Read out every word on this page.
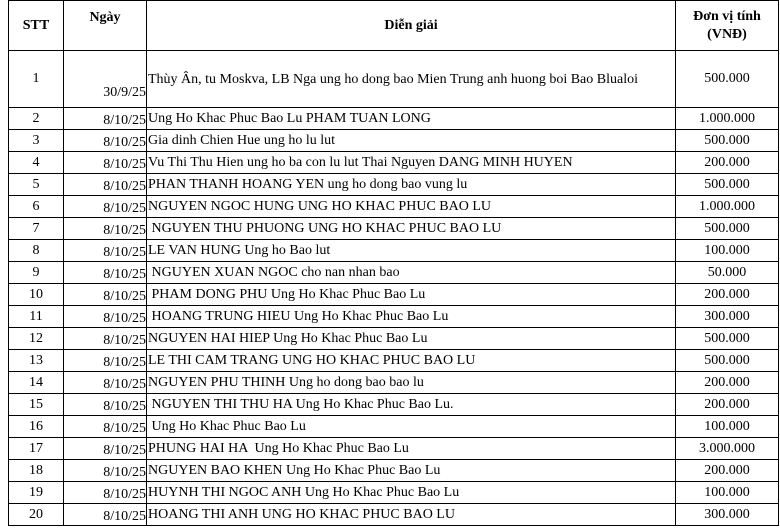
STT	Ngày	Diễn giải	Đơn vị tính
(VNĐ)

1	30/9/25	Thùy Ân, tu Moskva, LB Nga ung ho dong bao Mien Trung anh huong boi Bao Blualoi	500.000
2	8/10/25	Ung Ho Khac Phuc Bao Lu PHAM TUAN LONG	1.000.000
3	8/10/25	Gia dinh Chien Hue ung ho lu lut	500.000
4	8/10/25	Vu Thi Thu Hien ung ho ba con lu lut Thai Nguyen DANG MINH HUYEN	200.000
5	8/10/25	PHAN THANH HOANG YEN ung ho dong bao vung lu	500.000
6	8/10/25	NGUYEN NGOC HUNG UNG HO KHAC PHUC BAO LU	1.000.000
7	8/10/25	NGUYEN THU PHUONG UNG HO KHAC PHUC BAO LU	500.000
8	8/10/25	LE VAN HUNG Ung ho Bao lut	100.000
9	8/10/25	NGUYEN XUAN NGOC cho nan nhan bao	50.000
10	8/10/25	PHAM DONG PHU Ung Ho Khac Phuc Bao Lu	200.000
11	8/10/25	HOANG TRUNG HIEU Ung Ho Khac Phuc Bao Lu	300.000
12	8/10/25	NGUYEN HAI HIEP Ung Ho Khac Phuc Bao Lu	500.000
13	8/10/25	LE THI CAM TRANG UNG HO KHAC PHUC BAO LU	500.000
14	8/10/25	NGUYEN PHU THINH Ung ho dong bao bao lu	200.000
15	8/10/25	NGUYEN THI THU HA Ung Ho Khac Phuc Bao Lu.	200.000
16	8/10/25	Ung Ho Khac Phuc Bao Lu	100.000
17	8/10/25	PHUNG HAI HA  Ung Ho Khac Phuc Bao Lu	3.000.000
18	8/10/25	NGUYEN BAO KHEN Ung Ho Khac Phuc Bao Lu	200.000
19	8/10/25	HUYNH THI NGOC ANH Ung Ho Khac Phuc Bao Lu	100.000
20	8/10/25	HOANG THI ANH UNG HO KHAC PHUC BAO LU	300.000
